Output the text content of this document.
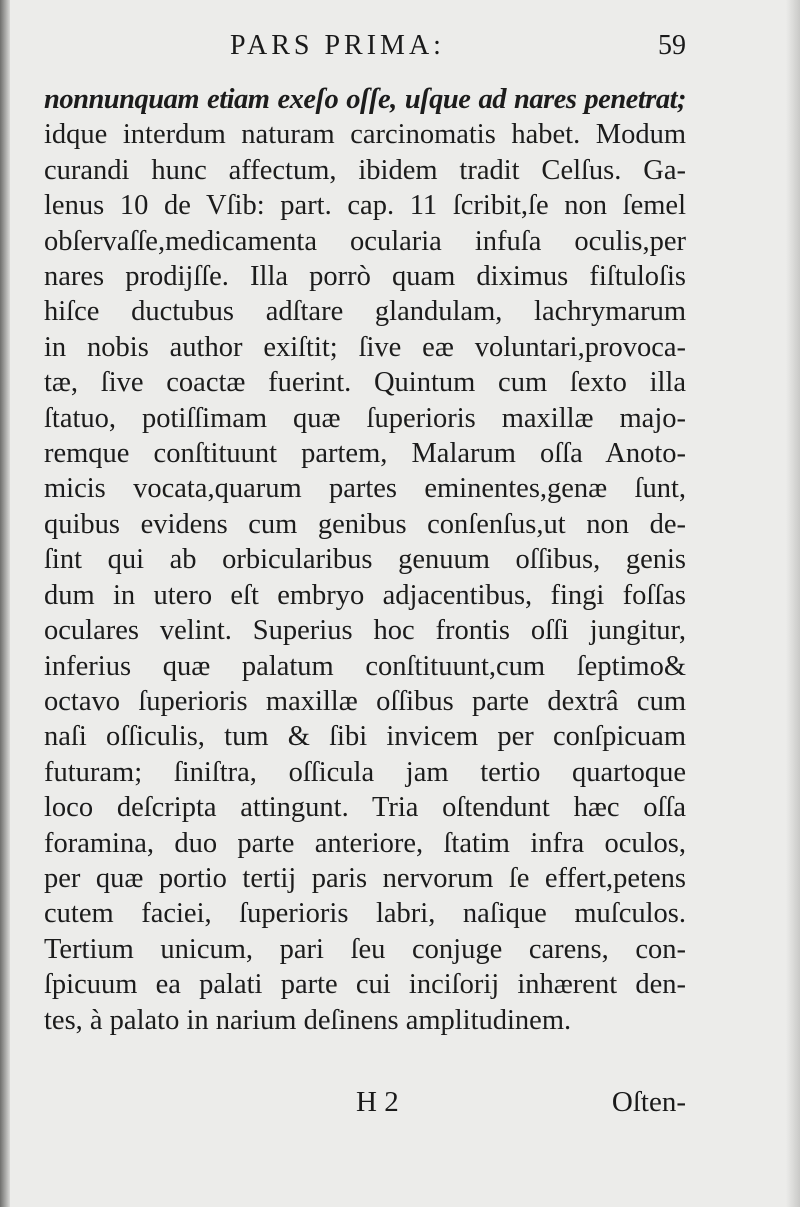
PARS PRIMA:	59
nonnunquam etiam exeſo oſſe, uſque ad nares penetrat;
idque interdum naturam carcinomatis habet. Modum
curandi hunc affectum, ibidem tradit Celſus. Ga-
lenus 10 de Vſib: part. cap. 11 ſcribit,ſe non ſemel
obſervaſſe,medicamenta ocularia infuſa oculis,per
nares prodijſſe. Illa porrò quam diximus fiſtuloſis
hiſce ductubus adſtare glandulam, lachrymarum
in nobis author exiſtit; ſive eæ voluntari,provoca-
tæ, ſive coactæ fuerint. Quintum cum ſexto illa
ſtatuo, potiſſimam quæ ſuperioris maxillæ majo-
remque conſtituunt partem, Malarum oſſa Anoto-
micis vocata,quarum partes eminentes,genæ ſunt,
quibus evidens cum genibus conſenſus,ut non de-
ſint qui ab orbicularibus genuum oſſibus, genis
dum in utero eſt embryo adjacentibus, fingi foſſas
oculares velint. Superius hoc frontis oſſi jungitur,
inferius quæ palatum conſtituunt,cum ſeptimo&
octavo ſuperioris maxillæ oſſibus parte dextrâ cum
naſi oſſiculis, tum & ſibi invicem per conſpicuam
futuram; ſiniſtra, oſſicula jam tertio quartoque
loco deſcripta attingunt. Tria oſtendunt hæc oſſa
foramina, duo parte anteriore, ſtatim infra oculos,
per quæ portio tertij paris nervorum ſe effert,petens
cutem faciei, ſuperioris labri, naſique muſculos.
Tertium unicum, pari ſeu conjuge carens, con-
ſpicuum ea palati parte cui inciſorij inhærent den-
tes, à palato in narium deſinens amplitudinem.
H 2	Oſten-
